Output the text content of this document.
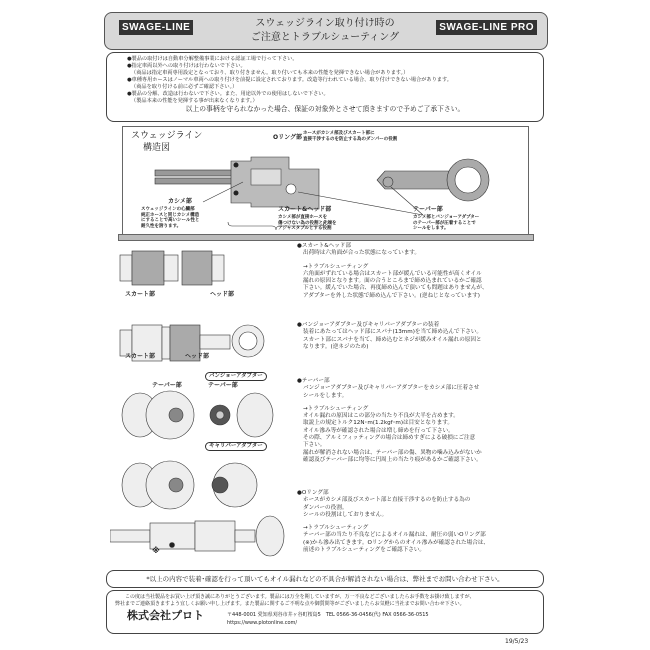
SWAGE-LINE	スウェッジライン取り付け時の
ご注意とトラブルシューティング
SWAGE-LINE PRO
●製品の取付けは自動車分解整備事業における認証工場で行って下さい。
●指定車両以外への取り付けは行わないで下さい。
（商品は指定車両専用設定となっており、取り付きません。取り付いても本来の性能を発揮できない場合があります。）
●車種専用ホースはノーマル車両への取り付けを前提に設定されております。改造等行われている場合、取り付けできない場合があります。
（商品を取り付ける前に必ずご確認下さい。）
●製品の分解、改造は行わないで下さい。また、用途以外での使用はしないで下さい。
（製品本来の性能を発揮する事が出来なくなります。）
以上の事柄を守られなかった場合、保証の対象外とさせて頂きますので予めご了承下さい。
スウェッジライン
構造図
Oリング部
ホースがカシメ部及びスカート部に
直接干渉するのを防止する為のダンパーの役割
カシメ部
スウェッジラインの心臓部
純正ホースと同じカシメ構造
にすることで高いシール性と
耐久性を誇ります。
スカート&ヘッド部
カシメ部が直接ホースを
傷つけない為の役割と先端を
アジャスタブルとする役割
テーパー部
カシメ部とバンジョーアダプター
のテーパー部が圧着することで
シールをします。
スカート部	ヘッド部
スカート部	ヘッド部
バンジョーアダプター
テーパー部	テーパー部
キャリパーアダプター
※

●スカート&ヘッド部

出荷時は六角面が合った状態になっています。

→トラブルシューティング

六角面がずれている場合はスカート部が緩んでいる可能性が高くオイル

漏れの原因となります。面の合うところまで締め込まれているかご確認

下さい。緩んでいた場合、再度締め込んで頂いても問題はありませんが、

アダプターを外した状態で締め込んで下さい。(逆ねじとなっています)

●バンジョーアダプター及びキャリパーアダプターの装着

装着にあたってはヘッド部にスパナ(13mm)を当て締め込んで下さい。

スカート部にスパナを当て、締め込むとネジが緩みオイル漏れの原因と

なります。(逆ネジのため)

●テーパー部

バンジョーアダプター及びキャリパーアダプターをカシメ部に圧着させ

シールをします。

→トラブルシューティング

オイル漏れの原因はこの部分の当たり不良が大半を占めます。

取説上の規定トルク12N･m(1.2kgf･m)は目安となります。

オイル滲み等が確認された場合は増し締めを行って下さい。

その際、アルミフィッティングの場合は締めすぎによる破損にご注意

下さい。

漏れが解消されない場合は、テーパー部の傷、異物の噛み込みがないか

確認及びテーパー部に均等に円周上の当たり痕があるかご確認下さい。

●Oリング部

ホースがカシメ部及びスカート部と直接干渉するのを防止する為の

ダンパーの役割。

シールの役割はしておりません。

→トラブルシューティング

テーパー部の当たり不良などによるオイル漏れは、耐圧の弱いOリング部

(※)から滲み出てきます。Oリングからのオイル滲みが確認された場合は、

前述のトラブルシューティングをご確認下さい。

*以上の内容で装着･確認を行って頂いてもオイル漏れなどの不具合が解消されない場合は、弊社までお問い合わせ下さい。
この度は当社製品をお買い上げ頂き誠にありがとうございます。製品には万全を期していますが、万一不良などございましたらお手数をお掛け致しますが、
弊社までご連絡頂きますよう宜しくお願い申し上げます。また製品に関するご不明な点や御質問等がございましたらお気軽に当社までお問い合わせ下さい。
株式会社プロト	〒448-0001 愛知県刈谷市井ヶ谷町桜島5　TEL 0566-36-0456(代) FAX 0566-36-0515
https://www.plotonline.com/
19/5/23
